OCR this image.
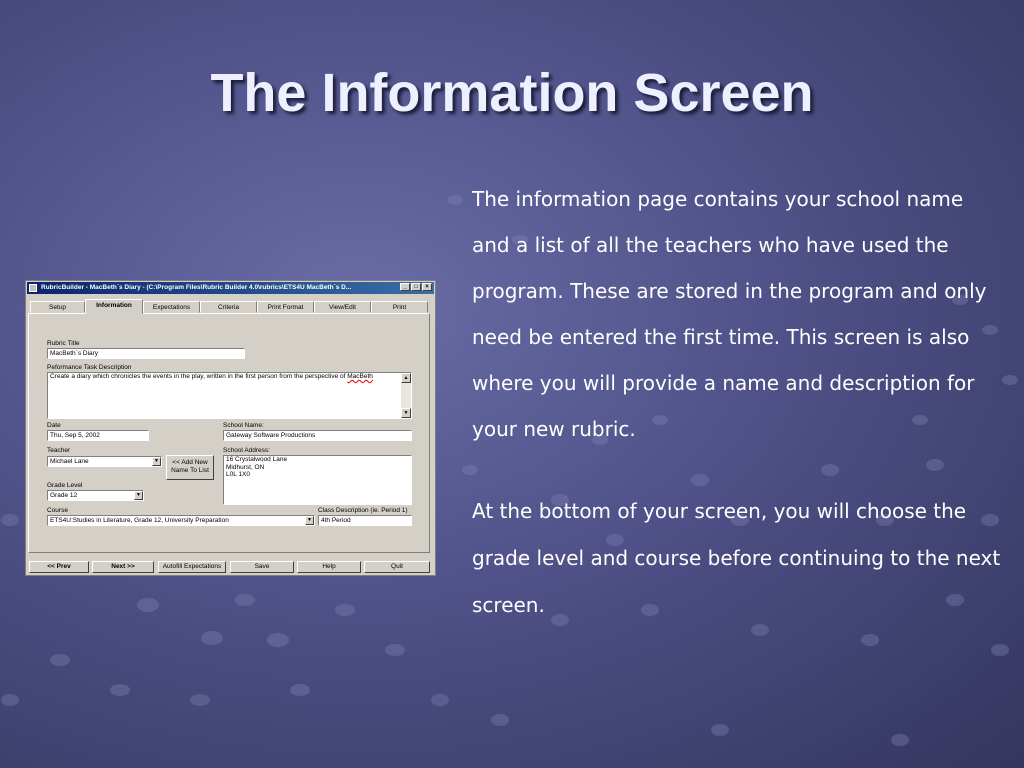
The Information Screen

The information page contains your school name and a list of all the teachers who have used the program. These are stored in the program and only need be entered the first time. This screen is also where you will provide a name and description for your new rubric.

At the bottom of your screen, you will choose the grade level and course before continuing to the next screen.

RubricBuilder - MacBeth`s Diary - (C:\Program Files\Rubric Builder 4.0\rubrics\ETS4U MacBeth`s D...	_	□	×
Setup	Information	Expectations	Criteria	Print Format	View/Edit	Print
Rubric Title
MacBeth`s Diary
Peformance Task Description
Create a diary which chronicles the events in the play, written in the first person from the perspective of MacBeth	▲
▼
Date
Thu, Sep 5, 2002
Teacher
Michael Lane	▼	<< Add New Name To List
Grade Level
Grade 12	▼
Course
ETS4U:Studies in Literature, Grade 12, University Preparation	▼
School Name:
Gateway Software Productions
School Address:
16 Crystalwood Lane
Midhurst, ON
L0L 1X0
Class Description (ie. Period 1)
4th Period
<< Prev	Next >>	Autofill Expectations	Save	Help	Quit
